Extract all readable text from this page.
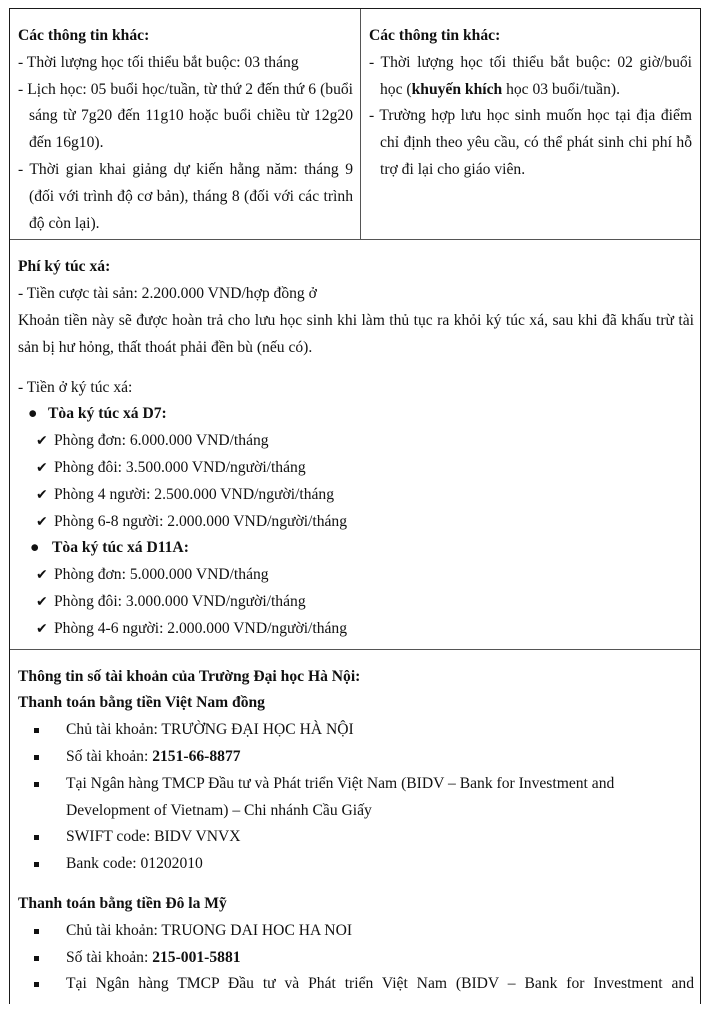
Các thông tin khác:

- Thời lượng học tối thiểu bắt buộc: 03 tháng

- Lịch học: 05 buổi học/tuần, từ thứ 2 đến thứ 6 (buổi sáng từ 7g20 đến 11g10 hoặc buổi chiều từ 12g20 đến 16g10).

- Thời gian khai giảng dự kiến hằng năm: tháng 9 (đối với trình độ cơ bản), tháng 8 (đối với các trình độ còn lại).

Các thông tin khác:

- Thời lượng học tối thiểu bắt buộc: 02 giờ/buổi học (khuyến khích học 03 buổi/tuần).

- Trường hợp lưu học sinh muốn học tại địa điểm chỉ định theo yêu cầu, có thể phát sinh chi phí hỗ trợ đi lại cho giáo viên.

Phí ký túc xá:

- Tiền cược tài sản: 2.200.000 VND/hợp đồng ở

Khoản tiền này sẽ được hoàn trả cho lưu học sinh khi làm thủ tục ra khỏi ký túc xá, sau khi đã khấu trừ tài sản bị hư hỏng, thất thoát phải đền bù (nếu có).

- Tiền ở ký túc xá:

● Tòa ký túc xá D7:
✔ Phòng đơn: 6.000.000 VND/tháng
✔ Phòng đôi: 3.500.000 VND/người/tháng
✔ Phòng 4 người: 2.500.000 VND/người/tháng
✔ Phòng 6-8 người: 2.000.000 VND/người/tháng
● Tòa ký túc xá D11A:
✔ Phòng đơn: 5.000.000 VND/tháng
✔ Phòng đôi: 3.000.000 VND/người/tháng
✔ Phòng 4-6 người: 2.000.000 VND/người/tháng

Thông tin số tài khoản của Trường Đại học Hà Nội:

Thanh toán bằng tiền Việt Nam đồng

Chủ tài khoản: TRƯỜNG ĐẠI HỌC HÀ NỘI
Số tài khoản: 2151-66-8877
Tại Ngân hàng TMCP Đầu tư và Phát triển Việt Nam (BIDV – Bank for Investment and Development of Vietnam) – Chi nhánh Cầu Giấy
SWIFT code: BIDV VNVX
Bank code: 01202010

Thanh toán bằng tiền Đô la Mỹ

Chủ tài khoản: TRUONG DAI HOC HA NOI
Số tài khoản: 215-001-5881
Tại Ngân hàng TMCP Đầu tư và Phát triển Việt Nam (BIDV – Bank for Investment and
